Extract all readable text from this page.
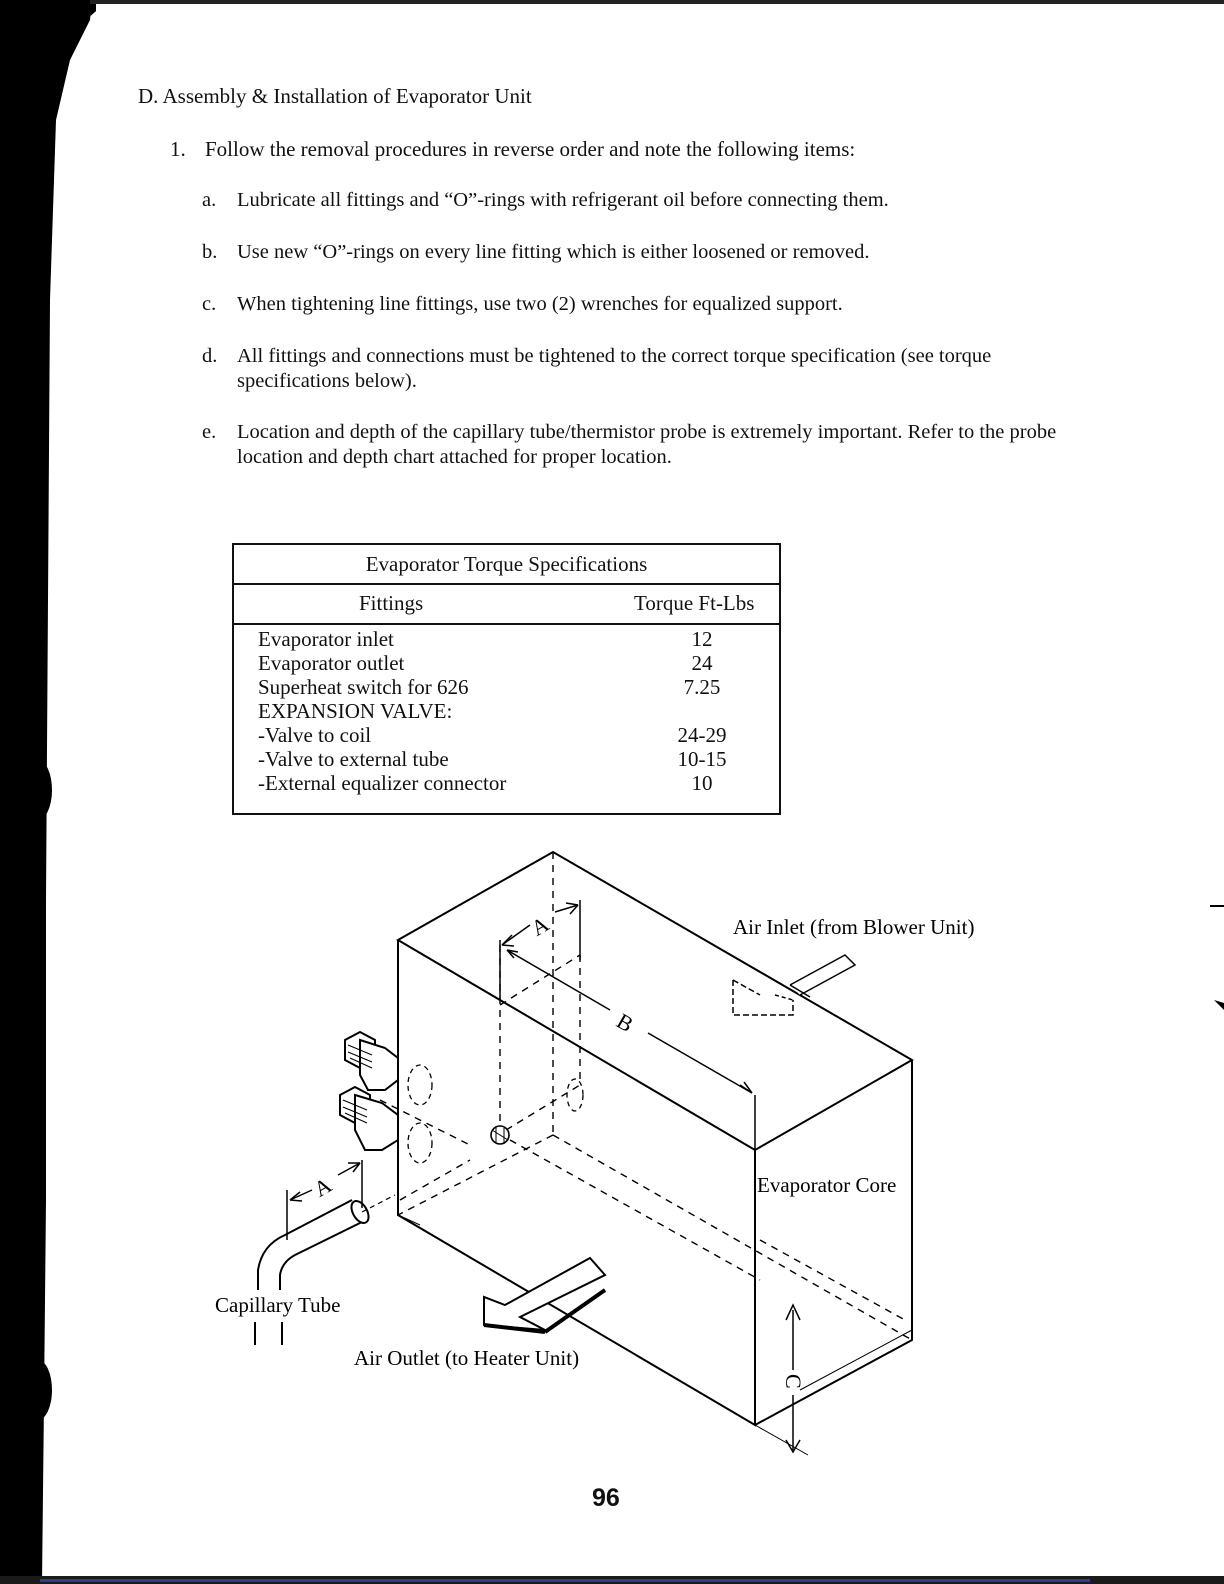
D. Assembly & Installation of Evaporator Unit
1. Follow the removal procedures in reverse order and note the following items:
a. Lubricate all fittings and “O”-rings with refrigerant oil before connecting them.
b. Use new “O”-rings on every line fitting which is either loosened or removed.
c. When tightening line fittings, use two (2) wrenches for equalized support.
d. All fittings and connections must be tightened to the correct torque specification (see torque specifications below).
e. Location and depth of the capillary tube/thermistor probe is extremely important. Refer to the probe location and depth chart attached for proper location.
Evaporator Torque Specifications
Fittings	Torque Ft-Lbs
Evaporator inlet	12
Evaporator outlet	24
Superheat switch for 626	7.25
EXPANSION VALVE:
-Valve to coil	24-29
-Valve to external tube	10-15
-External equalizer connector	10
A
B
C
A
Air Inlet (from Blower Unit)
Evaporator Core
Capillary Tube
Air Outlet (to Heater Unit)
96
